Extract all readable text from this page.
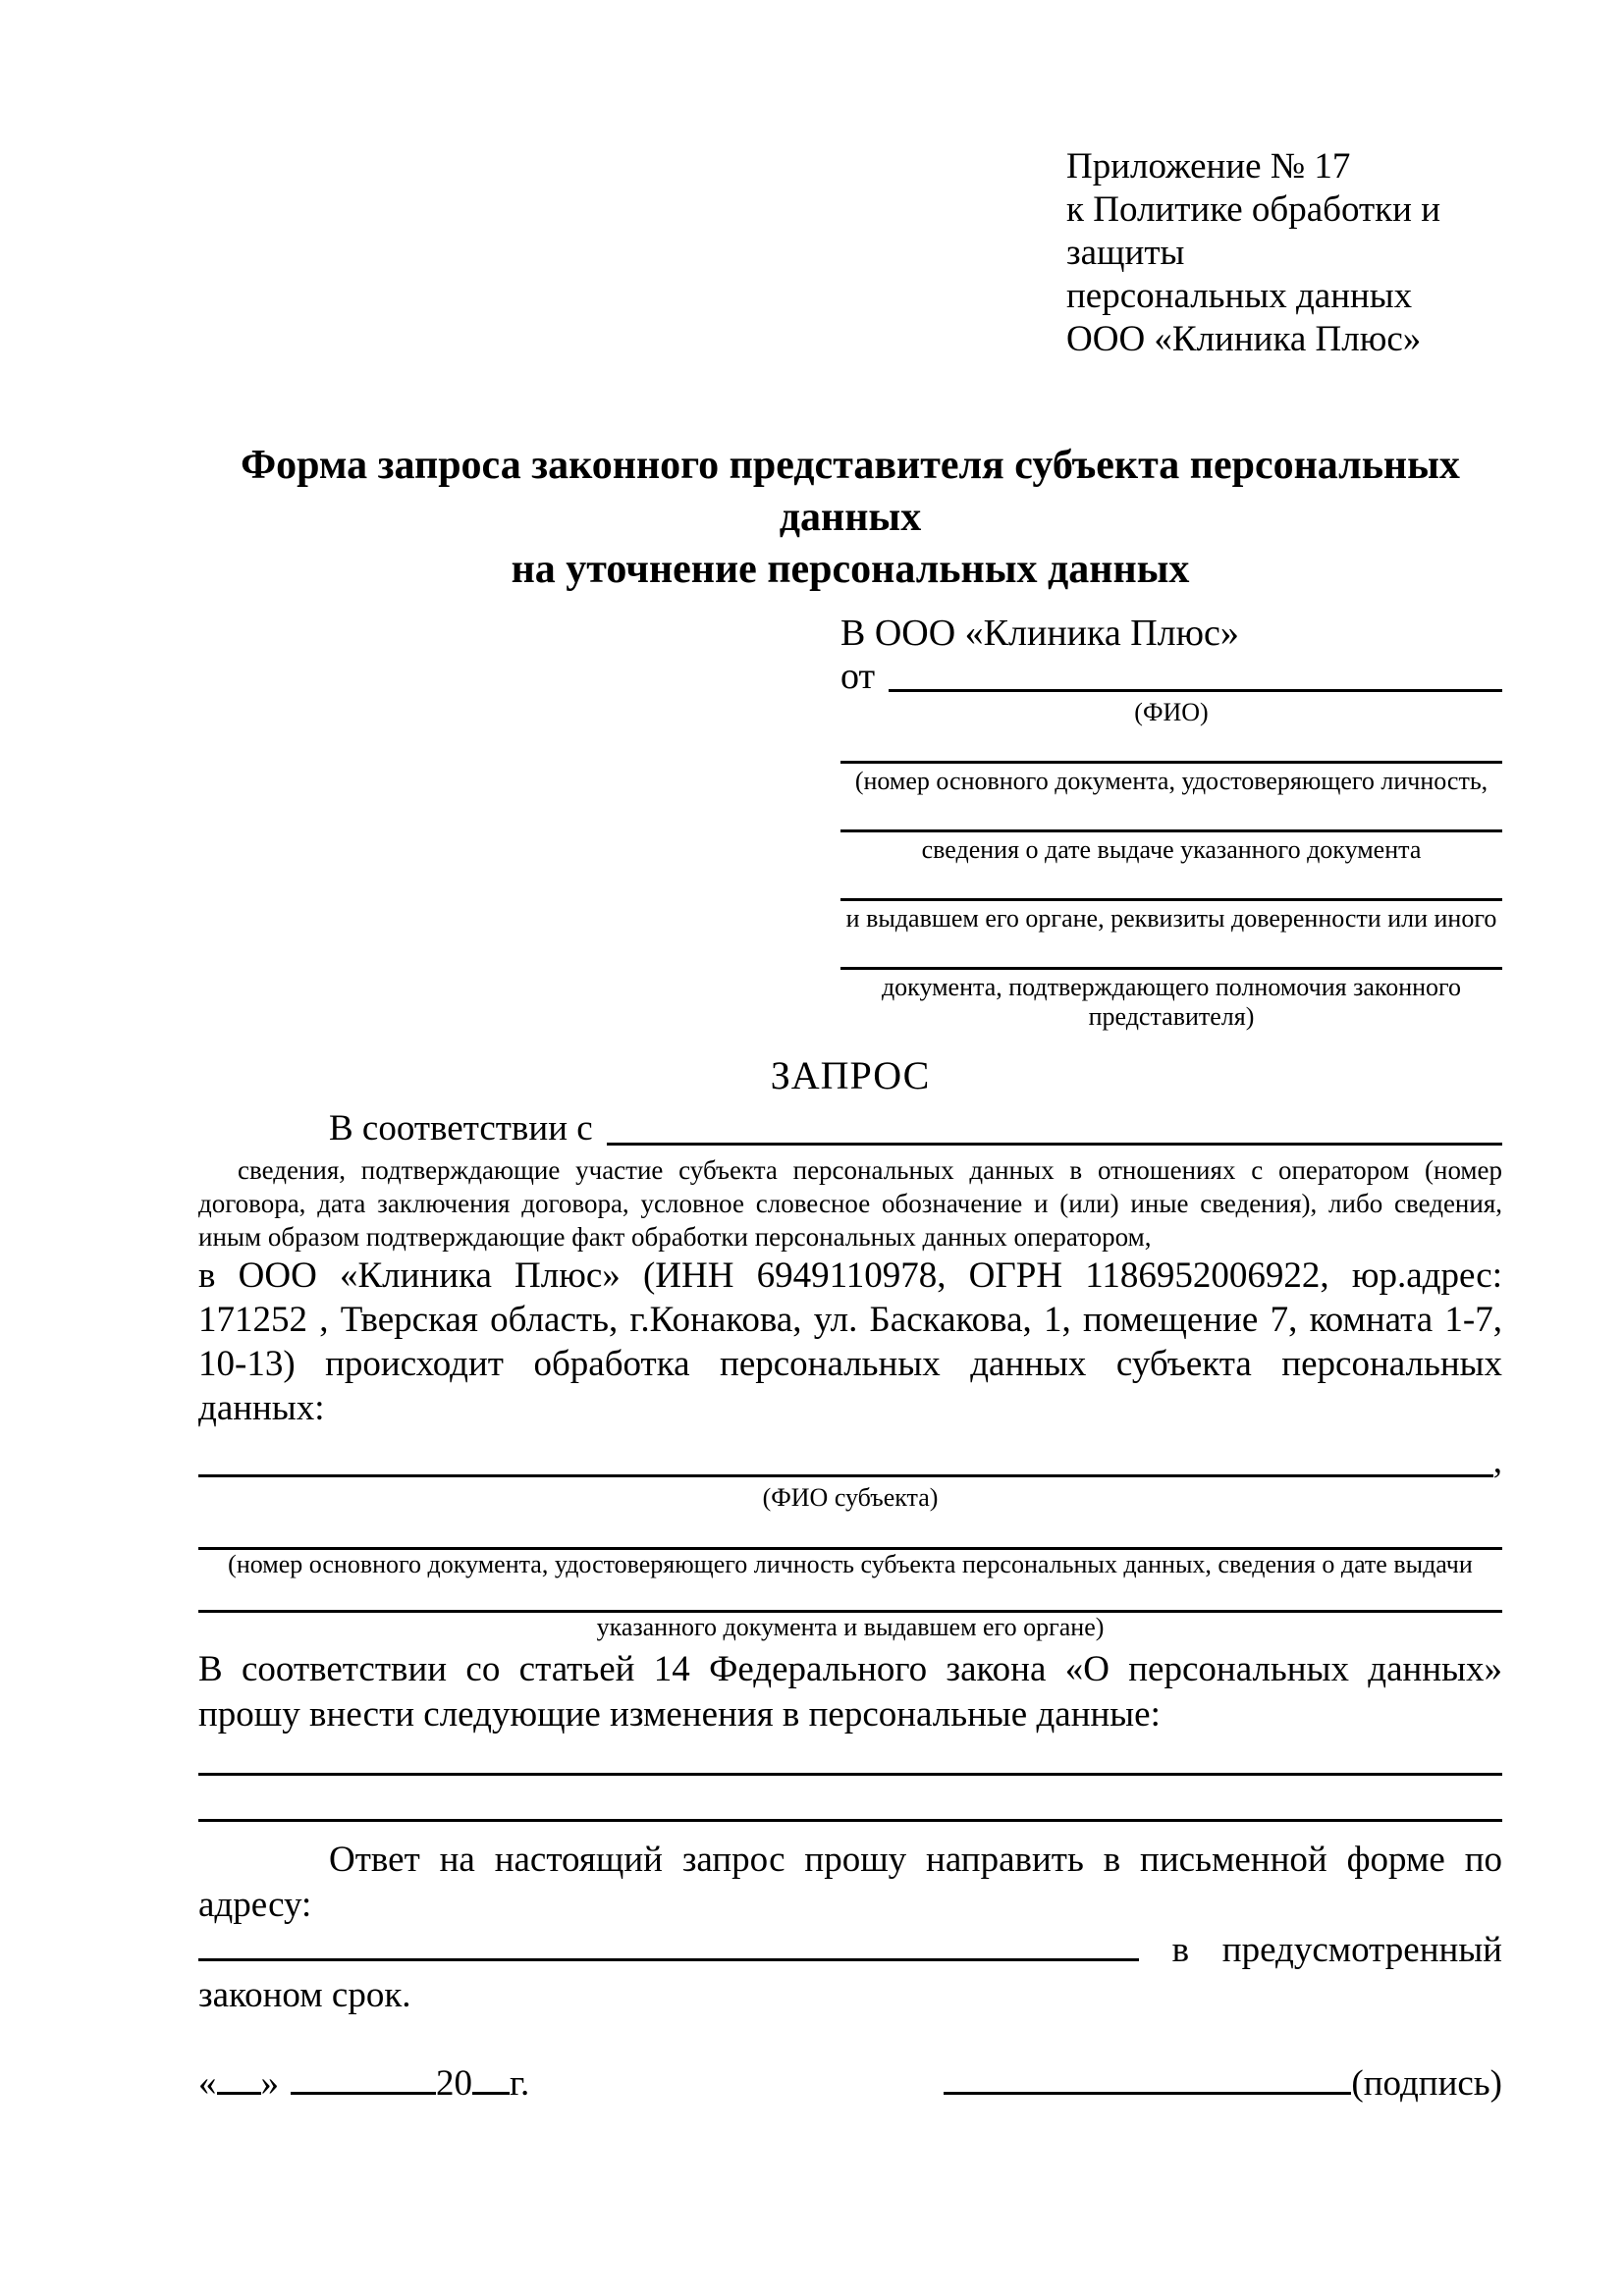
Приложение № 17
к Политике обработки и защиты
персональных данных
ООО «Клиника Плюс»
Форма запроса законного представителя субъекта персональных данных
на уточнение персональных данных
В ООО «Клиника Плюс»
от
(ФИО)
(номер основного документа, удостоверяющего личность,
сведения о дате выдаче указанного документа
и выдавшем его органе, реквизиты доверенности или иного
документа, подтверждающего полномочия законного представителя)
ЗАПРОС
В соответствии с
сведения, подтверждающие участие субъекта персональных данных в отношениях с оператором (номер договора, дата заключения договора, условное словесное обозначение и (или) иные сведения), либо сведения, иным образом подтверждающие факт обработки персональных данных оператором,

в ООО «Клиника Плюс» (ИНН 6949110978, ОГРН 1186952006922, юр.адрес: 171252 , Тверская область, г.Конакова, ул. Баскакова, 1, помещение 7, комната 1-7, 10-13) происходит обработка персональных данных субъекта персональных данных:

,
(ФИО субъекта)
(номер основного документа, удостоверяющего личность субъекта персональных данных, сведения о дате выдачи
указанного документа и выдавшем его органе)

В соответствии со статьей 14 Федерального закона «О персональных данных» прошу внести следующие изменения в персональные данные:

Ответ на настоящий запрос прошу направить в письменной форме по адресу:
в предусмотренный
законом срок.
« »	20 г.	(подпись)
